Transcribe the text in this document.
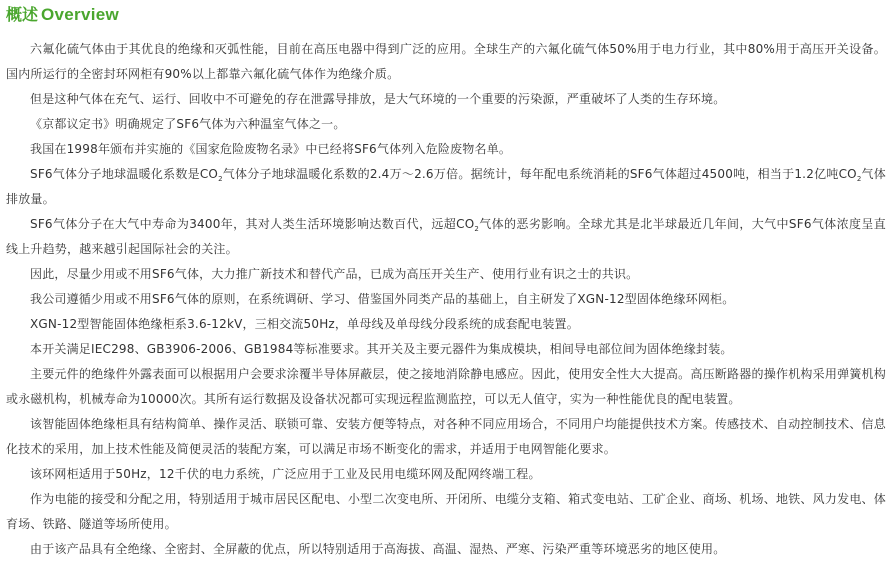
概述 Overview

六氟化硫气体由于其优良的绝缘和灭弧性能，目前在高压电器中得到广泛的应用。全球生产的六氟化硫气体50%用于电力行业，其中80%用于高压开关设备。国内所运行的全密封环网柜有90%以上都靠六氟化硫气体作为绝缘介质。

但是这种气体在充气、运行、回收中不可避免的存在泄露导排放，是大气环境的一个重要的污染源，严重破坏了人类的生存环境。

《京都议定书》明确规定了SF6气体为六种温室气体之一。

我国在1998年颁布并实施的《国家危险废物名录》中已经将SF6气体列入危险废物名单。

SF6气体分子地球温暖化系数是$CO_2$气体分子地球温暖化系数的2.4万～2.6万倍。据统计，每年配电系统消耗的SF6气体超过4500吨，相当于1.2亿吨$CO_2$气体排放量。

SF6气体分子在大气中寿命为3400年，其对人类生活环境影响达数百代，远超$CO_2$气体的恶劣影响。全球尤其是北半球最近几年间，大气中SF6气体浓度呈直线上升趋势，越来越引起国际社会的关注。

因此，尽量少用或不用SF6气体，大力推广新技术和替代产品，已成为高压开关生产、使用行业有识之士的共识。

我公司遵循少用或不用SF6气体的原则，在系统调研、学习、借鉴国外同类产品的基础上，自主研发了XGN-12型固体绝缘环网柜。

XGN-12型智能固体绝缘柜系3.6-12kV，三相交流50Hz，单母线及单母线分段系统的成套配电装置。

本开关满足IEC298、GB3906-2006、GB1984等标准要求。其开关及主要元器件为集成模块，相间导电部位间为固体绝缘封装。

主要元件的绝缘件外露表面可以根据用户会要求涂覆半导体屏蔽层，使之接地消除静电感应。因此，使用安全性大大提高。高压断路器的操作机构采用弹簧机构或永磁机构，机械寿命为10000次。其所有运行数据及设备状况都可实现远程监测监控，可以无人值守，实为一种性能优良的配电装置。

该智能固体绝缘柜具有结构简单、操作灵活、联锁可靠、安装方便等特点，对各种不同应用场合，不同用户均能提供技术方案。传感技术、自动控制技术、信息化技术的采用，加上技术性能及简便灵活的装配方案，可以满足市场不断变化的需求，并适用于电网智能化要求。

该环网柜适用于50Hz，12千伏的电力系统，广泛应用于工业及民用电缆环网及配网终端工程。

作为电能的接受和分配之用，特别适用于城市居民区配电、小型二次变电所、开闭所、电缆分支箱、箱式变电站、工矿企业、商场、机场、地铁、风力发电、体育场、铁路、隧道等场所使用。

由于该产品具有全绝缘、全密封、全屏蔽的优点，所以特别适用于高海拔、高温、湿热、严寒、污染严重等环境恶劣的地区使用。
